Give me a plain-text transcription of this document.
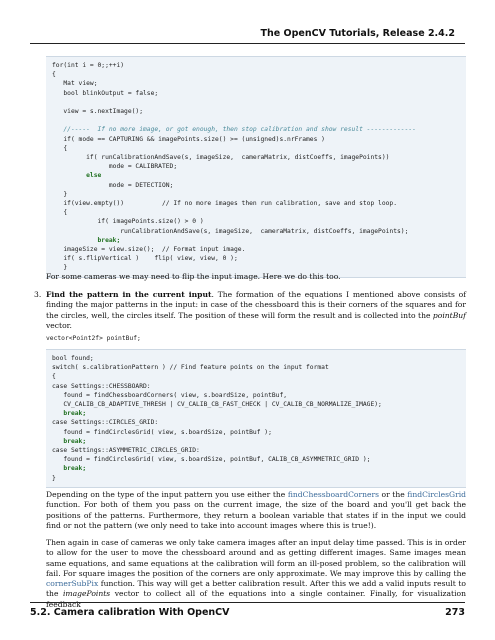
The OpenCV Tutorials, Release 2.4.2
for(int i = 0;;++i)
{
Mat view;
bool blinkOutput = false;

view = s.nextImage();

//-----  If no more image, or got enough, then stop calibration and show result -------------
if( mode == CAPTURING && imagePoints.size() >= (unsigned)s.nrFrames )
{
if( runCalibrationAndSave(s, imageSize,  cameraMatrix, distCoeffs, imagePoints))
mode = CALIBRATED;
else
mode = DETECTION;
}
if(view.empty())          // If no more images then run calibration, save and stop loop.
{
if( imagePoints.size() > 0 )
runCalibrationAndSave(s, imageSize,  cameraMatrix, distCoeffs, imagePoints);
break;
imageSize = view.size();  // Format input image.
if( s.flipVertical )    flip( view, view, 0 );
}

For some cameras we may need to flip the input image. Here we do this too.

3. Find the pattern in the current input. The formation of the equations I mentioned above consists of finding the major patterns in the input: in case of the chessboard this is their corners of the squares and for the circles, well, the circles itself. The position of these will form the result and is collected into the pointBuf vector.

vector<Point2f> pointBuf;
bool found;
switch( s.calibrationPattern ) // Find feature points on the input format
{
case Settings::CHESSBOARD:
found = findChessboardCorners( view, s.boardSize, pointBuf,
CV_CALIB_CB_ADAPTIVE_THRESH | CV_CALIB_CB_FAST_CHECK | CV_CALIB_CB_NORMALIZE_IMAGE);
break;
case Settings::CIRCLES_GRID:
found = findCirclesGrid( view, s.boardSize, pointBuf );
break;
case Settings::ASYMMETRIC_CIRCLES_GRID:
found = findCirclesGrid( view, s.boardSize, pointBuf, CALIB_CB_ASYMMETRIC_GRID );
break;
}

Depending on the type of the input pattern you use either the findChessboardCorners or the findCirclesGrid function. For both of them you pass on the current image, the size of the board and you'll get back the positions of the patterns. Furthermore, they return a boolean variable that states if in the input we could find or not the pattern (we only need to take into account images where this is true!).

Then again in case of cameras we only take camera images after an input delay time passed. This is in order to allow for the user to move the chessboard around and as getting different images. Same images mean same equations, and same equations at the calibration will form an ill-posed problem, so the calibration will fail. For square images the position of the corners are only approximate. We may improve this by calling the cornerSubPix function. This way will get a better calibration result. After this we add a valid inputs result to the imagePoints vector to collect all of the equations into a single container. Finally, for visualization feedback

5.2. Camera calibration With OpenCV	273
